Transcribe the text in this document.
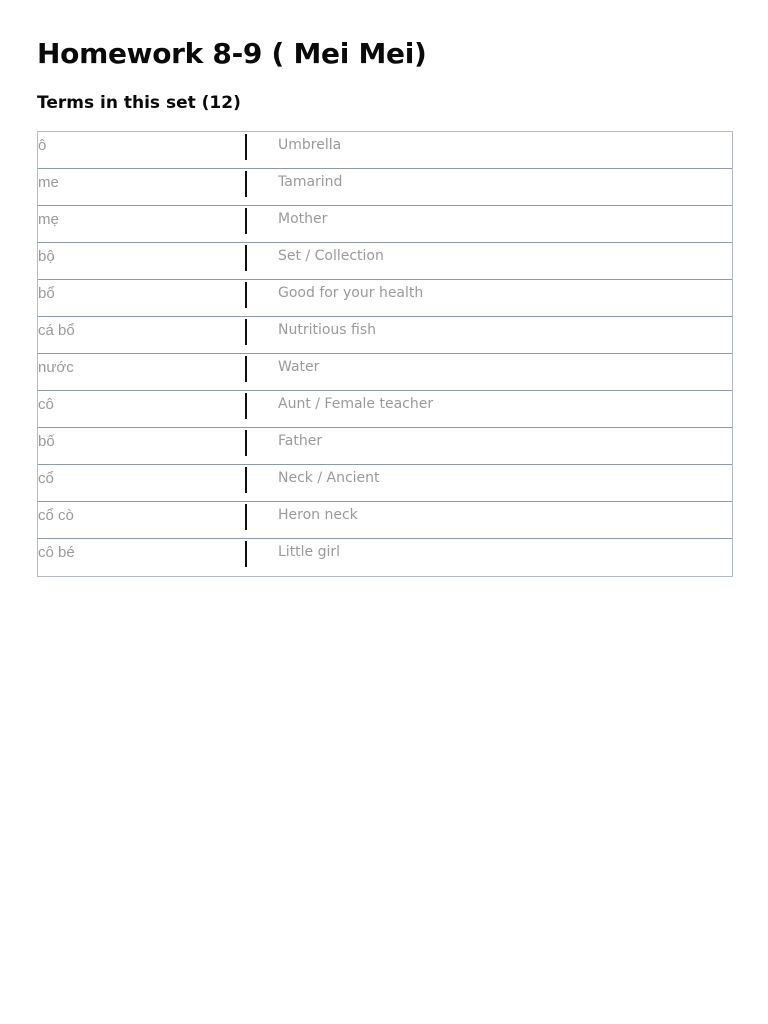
Homework 8-9 ( Mei Mei)
Terms in this set (12)
ô	Umbrella
me	Tamarind
mẹ	Mother
bộ	Set / Collection
bổ	Good for your health
cá bổ	Nutritious fish
nước	Water
cô	Aunt / Female teacher
bố	Father
cổ	Neck / Ancient
cổ cò	Heron neck
cô bé	Little girl
